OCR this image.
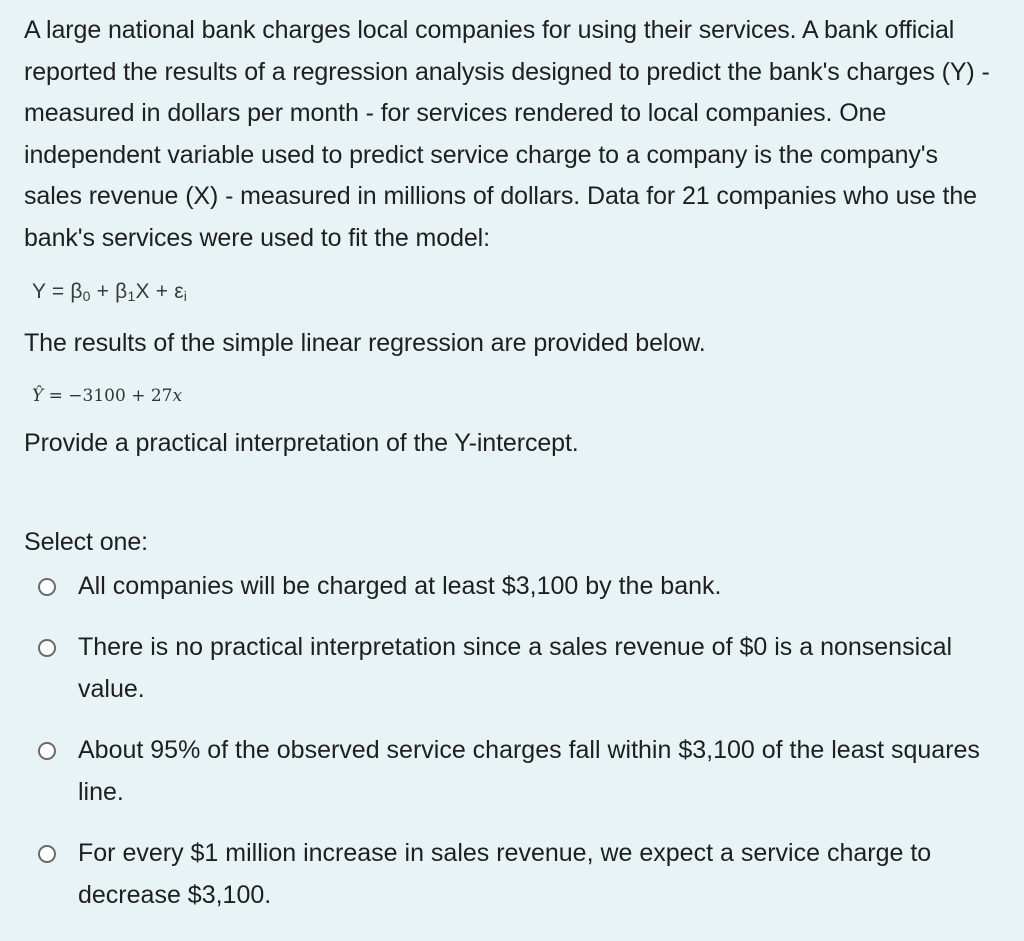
A large national bank charges local companies for using their services. A bank official reported the results of a regression analysis designed to predict the bank's charges (Y) - measured in dollars per month - for services rendered to local companies. One independent variable used to predict service charge to a company is the company's sales revenue (X) - measured in millions of dollars. Data for 21 companies who use the bank's services were used to fit the model:

$Y = \beta_0 + \beta_1X + \varepsilon_i$

The results of the simple linear regression are provided below.

Ŷ = −3100 + 27x

Provide a practical interpretation of the Y-intercept.

Select one:

All companies will be charged at least $3,100 by the bank.
There is no practical interpretation since a sales revenue of $0 is a nonsensical value.
About 95% of the observed service charges fall within $3,100 of the least squares line.
For every $1 million increase in sales revenue, we expect a service charge to decrease $3,100.
